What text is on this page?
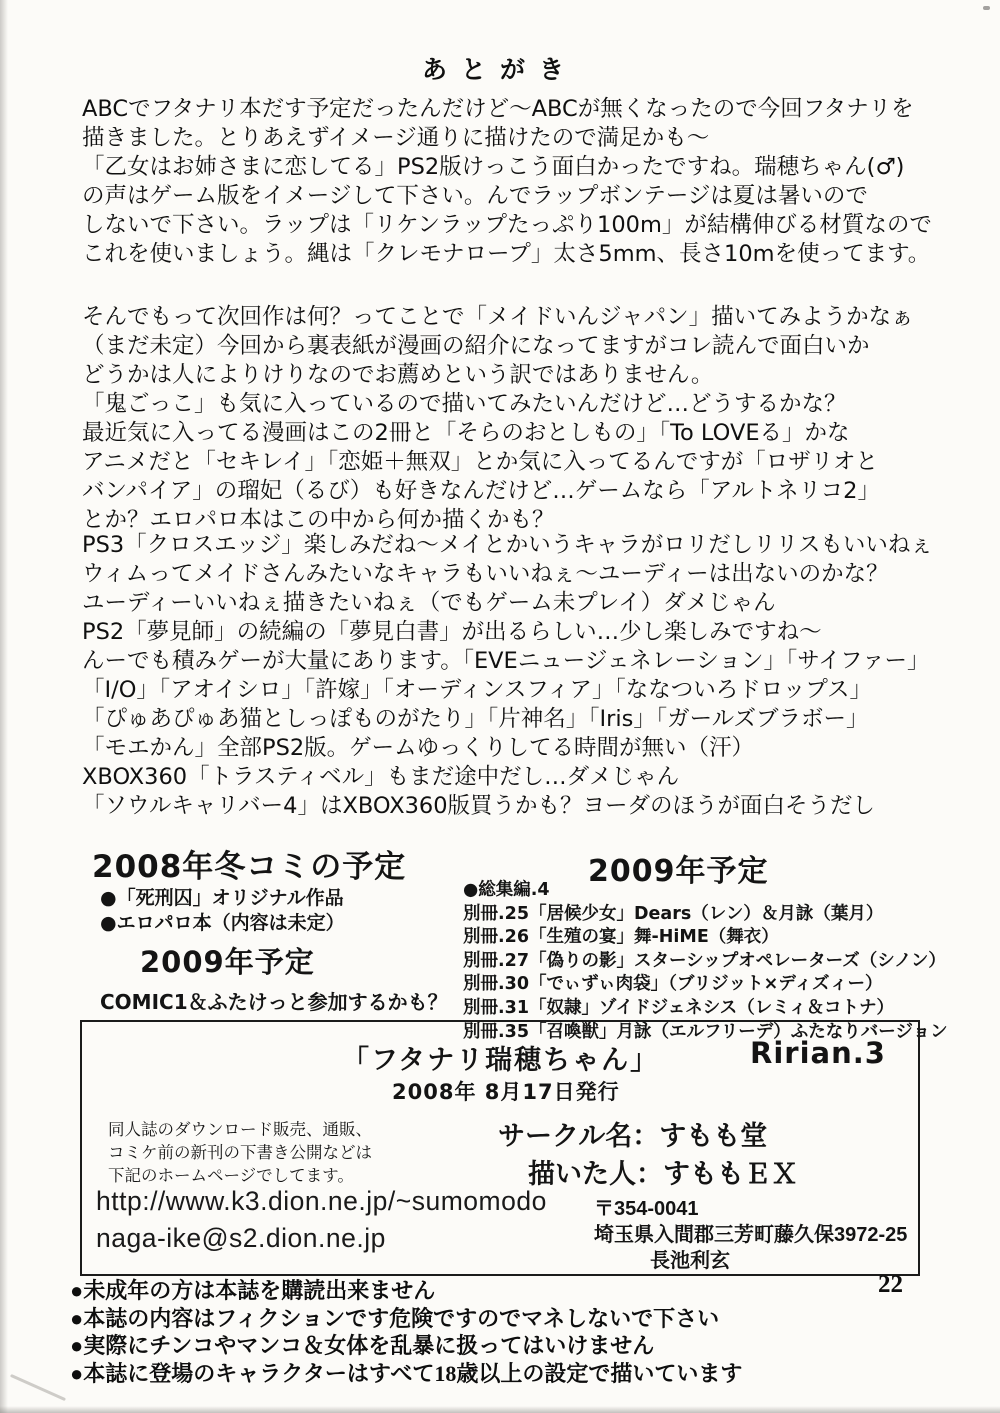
あとがき
ABCでフタナリ本だす予定だったんだけど～ABCが無くなったので今回フタナリを
描きました。とりあえずイメージ通りに描けたので満足かも～
「乙女はお姉さまに恋してる」PS2版けっこう面白かったですね。瑞穂ちゃん(♂)
の声はゲーム版をイメージして下さい。んでラップボンテージは夏は暑いので
しないで下さい。ラップは「リケンラップたっぷり100m」が結構伸びる材質なので
これを使いましょう。縄は「クレモナロープ」太さ5mm、長さ10mを使ってます。
そんでもって次回作は何？ってことで「メイドいんジャパン」描いてみようかなぁ
（まだ未定）今回から裏表紙が漫画の紹介になってますがコレ読んで面白いか
どうかは人によりけりなのでお薦めという訳ではありません。
「鬼ごっこ」も気に入っているので描いてみたいんだけど…どうするかな？
最近気に入ってる漫画はこの2冊と「そらのおとしもの」「To LOVEる」かな
アニメだと「セキレイ」「恋姫＋無双」とか気に入ってるんですが「ロザリオと
バンパイア」の瑠妃（るび）も好きなんだけど…ゲームなら「アルトネリコ2」
とか？エロパロ本はこの中から何か描くかも？
PS3「クロスエッジ」楽しみだね～メイとかいうキャラがロリだしリリスもいいねぇ
ウィムってメイドさんみたいなキャラもいいねぇ～ユーディーは出ないのかな？
ユーディーいいねぇ描きたいねぇ（でもゲーム未プレイ）ダメじゃん
PS2「夢見師」の続編の「夢見白書」が出るらしい…少し楽しみですね～
んーでも積みゲーが大量にあります。「EVEニュージェネレーション」「サイファー」
「I/O」「アオイシロ」「許嫁」「オーディンスフィア」「ななついろドロップス」
「ぴゅあぴゅあ猫としっぽものがたり」「片神名」「Iris」「ガールズブラボー」
「モエかん」全部PS2版。ゲームゆっくりしてる時間が無い（汗）
XBOX360「トラスティベル」もまだ途中だし…ダメじゃん
「ソウルキャリバー4」はXBOX360版買うかも？ヨーダのほうが面白そうだし
2008年冬コミの予定
●「死刑囚」オリジナル作品
●エロパロ本（内容は未定）
2009年予定
COMIC1＆ふたけっと参加するかも？
2009年予定
●総集編.4
別冊.25「居候少女」Dears（レン）＆月詠（葉月）
別冊.26「生殖の宴」舞-HiME（舞衣）
別冊.27「偽りの影」スターシップオペレーターズ（シノン）
別冊.30「でぃずぃ肉袋」（ブリジット×ディズィー）
別冊.31「奴隷」ゾイドジェネシス（レミィ＆コトナ）
別冊.35「召喚獣」月詠（エルフリーデ）ふたなりバージョン
「フタナリ瑞穂ちゃん」	Ririan.3
2008年 8月17日発行
同人誌のダウンロード販売、通販、
コミケ前の新刊の下書き公開などは
下記のホームページでしてます。
サークル名：すもも堂
描いた人：すももＥＸ
http://www.k3.dion.ne.jp/~sumomodo
naga-ike@s2.dion.ne.jp
〒354‐0041
埼玉県入間郡三芳町藤久保3972-25
長池利玄
●未成年の方は本誌を購読出来ません
●本誌の内容はフィクションです危険ですのでマネしないで下さい
●実際にチンコやマンコ＆女体を乱暴に扱ってはいけません
●本誌に登場のキャラクターはすべて18歳以上の設定で描いています
22
